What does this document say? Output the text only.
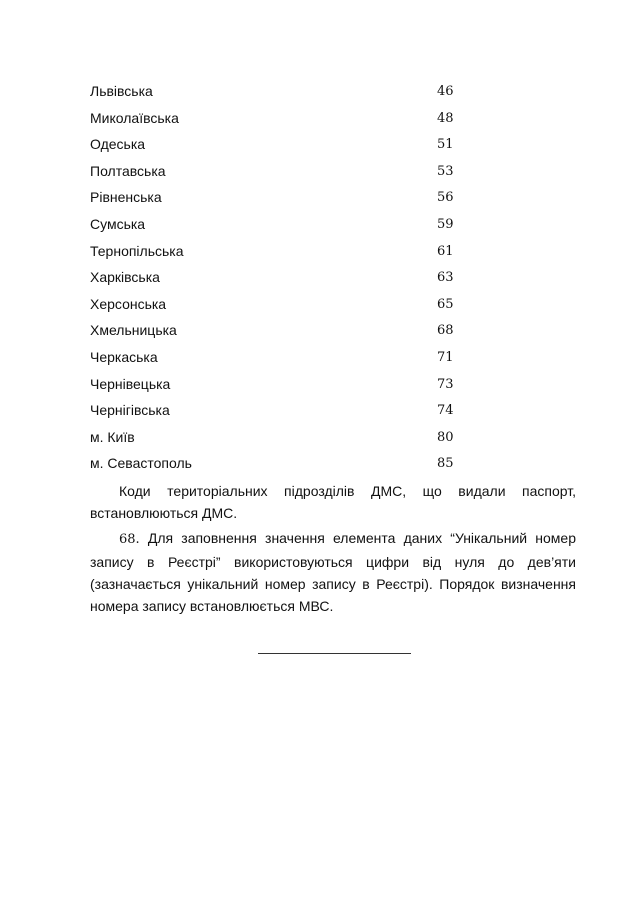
Львівська	46
Миколаївська	48
Одеська	51
Полтавська	53
Рівненська	56
Сумська	59
Тернопільська	61
Харківська	63
Херсонська	65
Хмельницька	68
Черкаська	71
Чернівецька	73
Чернігівська	74
м. Київ	80
м. Севастополь	85

Коди територіальних підрозділів ДМС, що видали паспорт, встановлюються ДМС.

68. Для заповнення значення елемента даних “Унікальний номер запису в Реєстрі” використовуються цифри від нуля до дев’яти (зазначається унікальний номер запису в Реєстрі). Порядок визначення номера запису встановлюється МВС.
